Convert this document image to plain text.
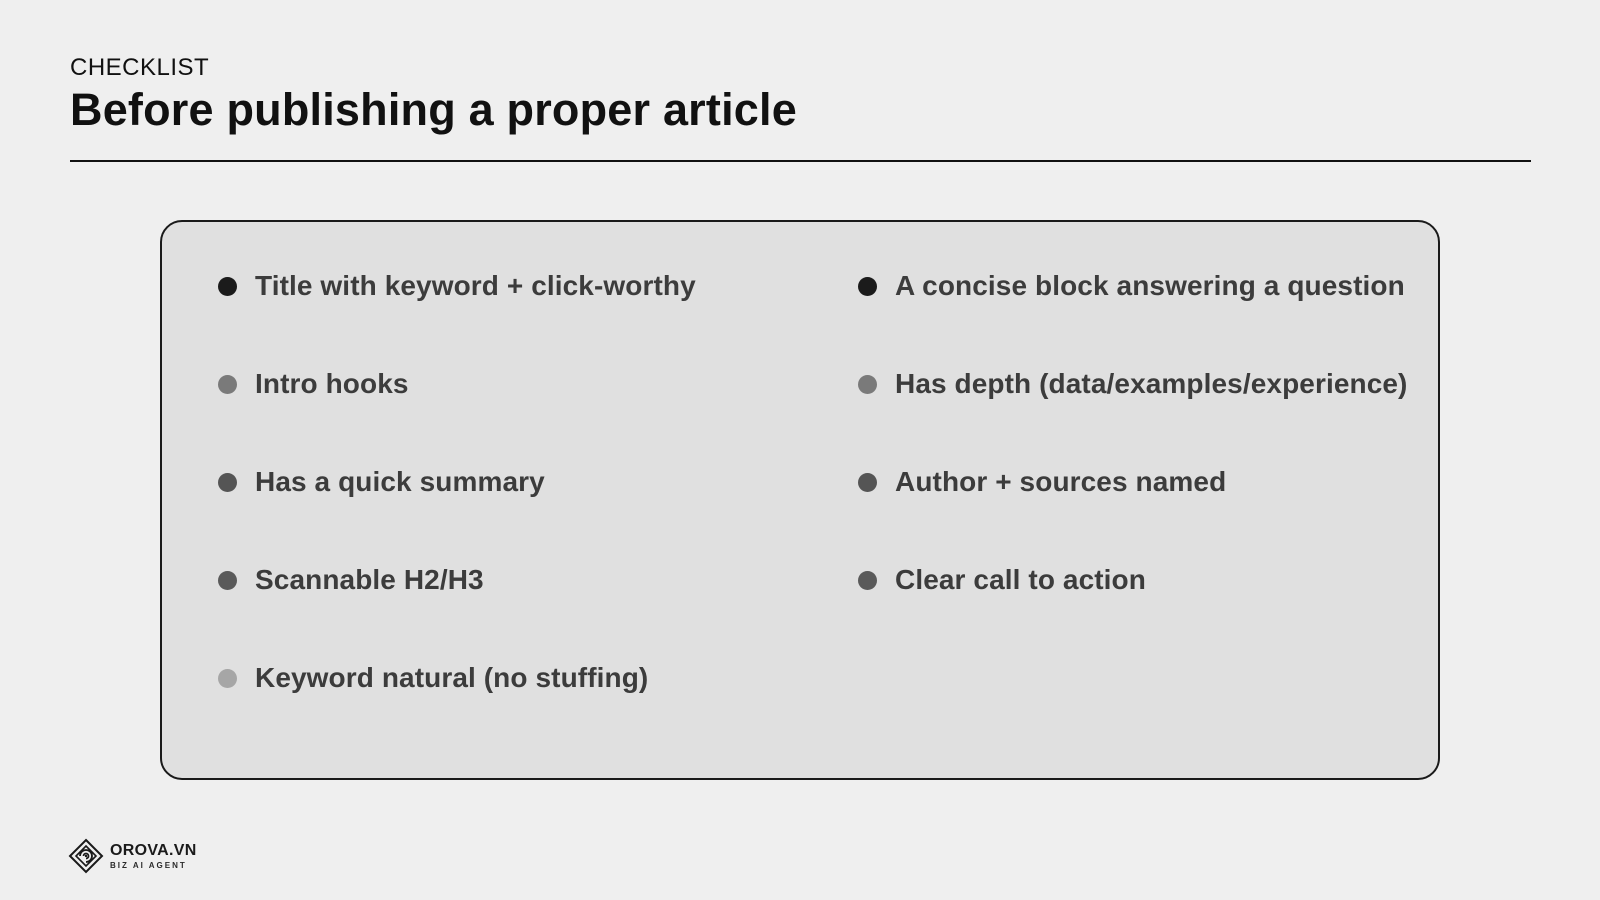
CHECKLIST
Before publishing a proper article
Title with keyword + click-worthy
Intro hooks
Has a quick summary
Scannable H2/H3
Keyword natural (no stuffing)
A concise block answering a question
Has depth (data/examples/experience)
Author + sources named
Clear call to action
OROVA.VN
BIZ AI AGENT
